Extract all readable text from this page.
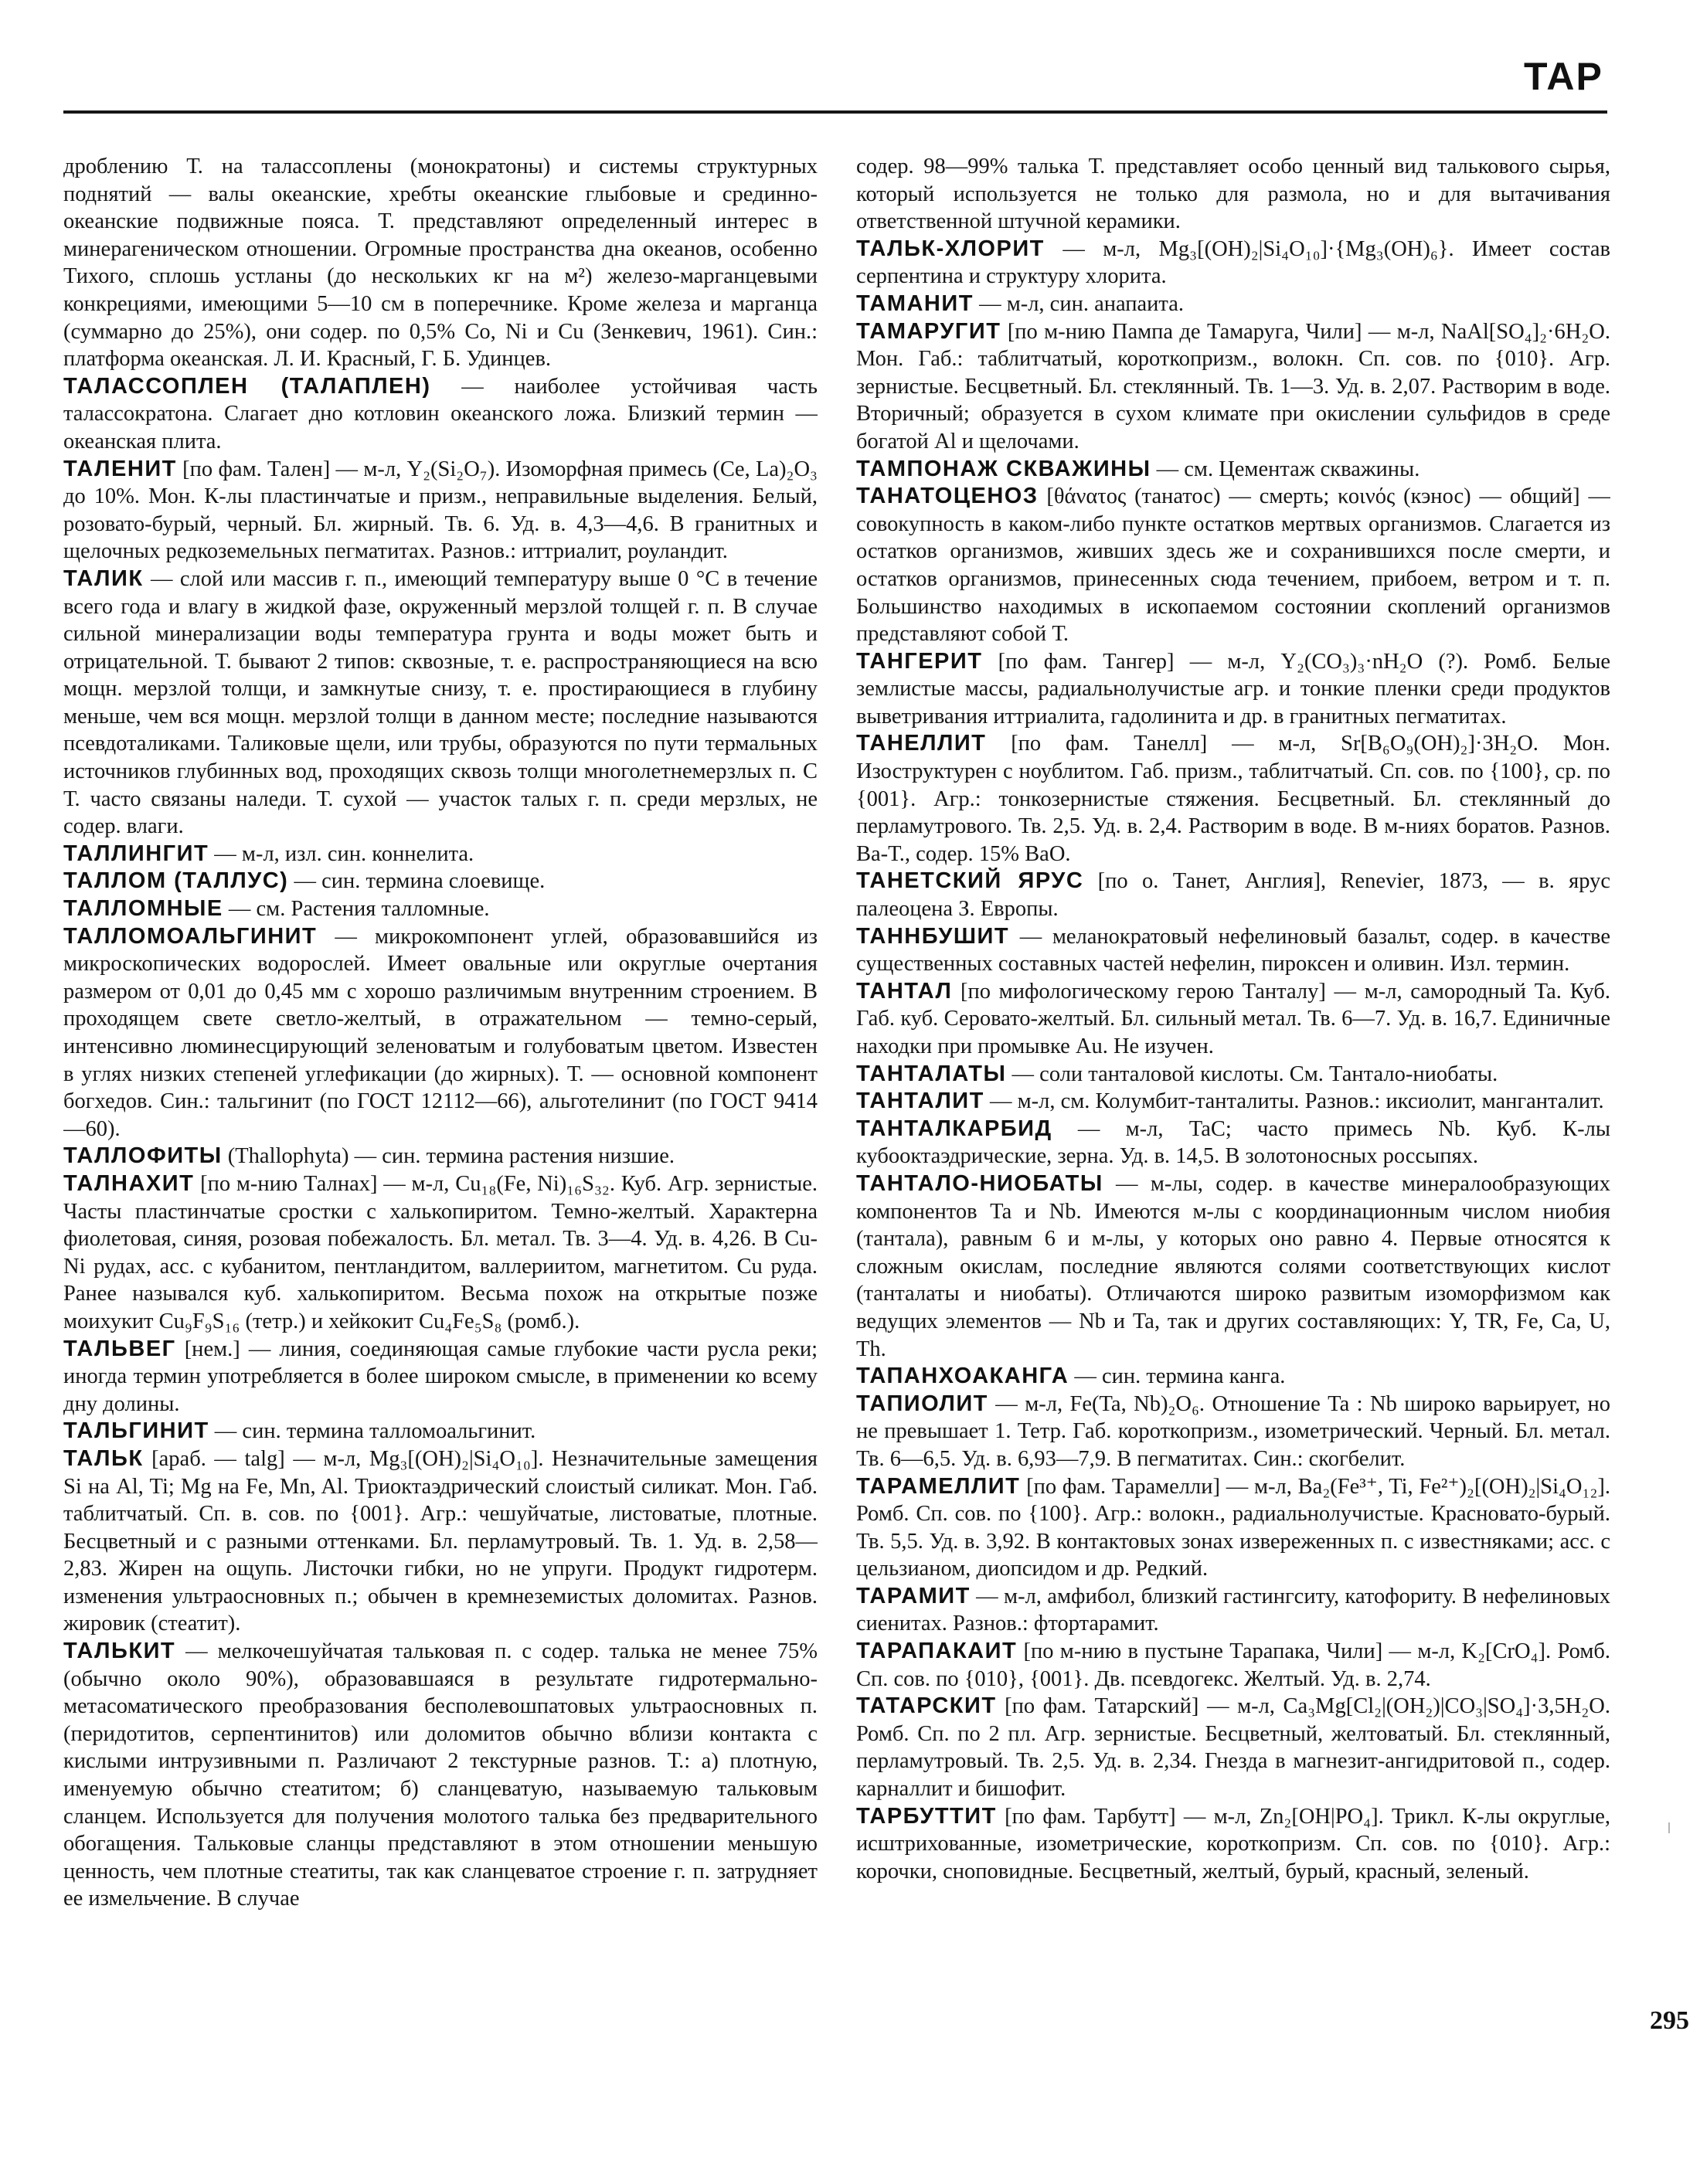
ТАР

дроблению Т. на талассоплены (монократоны) и системы структурных поднятий — валы океанские, хребты океанские глыбовые и срединно-океанские подвижные пояса. Т. представляют определенный интерес в минерагеническом отношении. Огромные пространства дна океанов, особенно Тихого, сплошь устланы (до нескольких кг на м²) железо-марганцевыми конкрециями, имеющими 5—10 см в поперечнике. Кроме железа и марганца (суммарно до 25%), они содер. по 0,5% Co, Ni и Cu (Зенкевич, 1961). Син.: платформа океанская. Л. И. Красный, Г. Б. Удинцев.

ТАЛАССОПЛЕН (ТАЛАПЛЕН) — наиболее устойчивая часть талассократона. Слагает дно котловин океанского ложа. Близкий термин — океанская плита.

ТАЛЕНИТ [по фам. Тален] — м-л, Y₂(Si₂O₇). Изоморфная примесь (Ce, La)₂O₃ до 10%. Мон. К-лы пластинчатые и призм., неправильные выделения. Белый, розовато-бурый, черный. Бл. жирный. Тв. 6. Уд. в. 4,3—4,6. В гранитных и щелочных редкоземельных пегматитах. Разнов.: иттриалит, роуландит.

ТАЛИК — слой или массив г. п., имеющий температуру выше 0 °С в течение всего года и влагу в жидкой фазе, окруженный мерзлой толщей г. п. В случае сильной минерализации воды температура грунта и воды может быть и отрицательной. Т. бывают 2 типов: сквозные, т. е. распространяющиеся на всю мощн. мерзлой толщи, и замкнутые снизу, т. е. простирающиеся в глубину меньше, чем вся мощн. мерзлой толщи в данном месте; последние называются псевдоталиками. Таликовые щели, или трубы, образуются по пути термальных источников глубинных вод, проходящих сквозь толщи многолетнемерзлых п. С Т. часто связаны наледи. Т. сухой — участок талых г. п. среди мерзлых, не содер. влаги.

ТАЛЛИНГИТ — м-л, изл. син. коннелита.

ТАЛЛОМ (ТАЛЛУС) — син. термина слоевище.

ТАЛЛОМНЫЕ — см. Растения талломные.

ТАЛЛОМОАЛЬГИНИТ — микрокомпонент углей, образовавшийся из микроскопических водорослей. Имеет овальные или округлые очертания размером от 0,01 до 0,45 мм с хорошо различимым внутренним строением. В проходящем свете светло-желтый, в отражательном — темно-серый, интенсивно люминесцирующий зеленоватым и голубоватым цветом. Известен в углях низких степеней углефикации (до жирных). Т. — основной компонент богхедов. Син.: тальгинит (по ГОСТ 12112—66), альготелинит (по ГОСТ 9414—60).

ТАЛЛОФИТЫ (Thallophyta) — син. термина растения низшие.

ТАЛНАХИТ [по м-нию Талнах] — м-л, Cu₁₈(Fe, Ni)₁₆S₃₂. Куб. Агр. зернистые. Часты пластинчатые сростки с халькопиритом. Темно-желтый. Характерна фиолетовая, синяя, розовая побежалость. Бл. метал. Тв. 3—4. Уд. в. 4,26. В Cu-Ni рудах, асс. с кубанитом, пентландитом, валлериитом, магнетитом. Cu руда. Ранее назывался куб. халькопиритом. Весьма похож на открытые позже моихукит Cu₉F₉S₁₆ (тетр.) и хейкокит Cu₄Fe₅S₈ (ромб.).

ТАЛЬВЕГ [нем.] — линия, соединяющая самые глубокие части русла реки; иногда термин употребляется в более широком смысле, в применении ко всему дну долины.

ТАЛЬГИНИТ — син. термина талломоальгинит.

ТАЛЬК [араб. — talg] — м-л, Mg₃[(OH)₂|Si₄O₁₀]. Незначительные замещения Si на Al, Ti; Mg на Fe, Mn, Al. Триоктаэдрический слоистый силикат. Мон. Габ. таблитчатый. Сп. в. сов. по {001}. Агр.: чешуйчатые, листоватые, плотные. Бесцветный и с разными оттенками. Бл. перламутровый. Тв. 1. Уд. в. 2,58—2,83. Жирен на ощупь. Листочки гибки, но не упруги. Продукт гидротерм. изменения ультраосновных п.; обычен в кремнеземистых доломитах. Разнов. жировик (стеатит).

ТАЛЬКИТ — мелкочешуйчатая тальковая п. с содер. талька не менее 75% (обычно около 90%), образовавшаяся в результате гидротермально-метасоматического преобразования бесполевошпатовых ультраосновных п. (перидотитов, серпентинитов) или доломитов обычно вблизи контакта с кислыми интрузивными п. Различают 2 текстурные разнов. Т.: а) плотную, именуемую обычно стеатитом; б) сланцеватую, называемую тальковым сланцем. Используется для получения молотого талька без предварительного обогащения. Тальковые сланцы представляют в этом отношении меньшую ценность, чем плотные стеатиты, так как сланцеватое строение г. п. затрудняет ее измельчение. В случае

содер. 98—99% талька Т. представляет особо ценный вид талькового сырья, который используется не только для размола, но и для вытачивания ответственной штучной керамики.

ТАЛЬК-ХЛОРИТ — м-л, Mg₃[(OH)₂|Si₄O₁₀]·{Mg₃(OH)₆}. Имеет состав серпентина и структуру хлорита.

ТАМАНИТ — м-л, син. анапаита.

ТАМАРУГИТ [по м-нию Пампа де Тамаруга, Чили] — м-л, NaAl[SO₄]₂·6H₂O. Мон. Габ.: таблитчатый, короткопризм., волокн. Сп. сов. по {010}. Агр. зернистые. Бесцветный. Бл. стеклянный. Тв. 1—3. Уд. в. 2,07. Растворим в воде. Вторичный; образуется в сухом климате при окислении сульфидов в среде богатой Al и щелочами.

ТАМПОНАЖ СКВАЖИНЫ — см. Цементаж скважины.

ТАНАТОЦЕНОЗ [θάνατος (танатос) — смерть; κοινός (кэнос) — общий] — совокупность в каком-либо пункте остатков мертвых организмов. Слагается из остатков организмов, живших здесь же и сохранившихся после смерти, и остатков организмов, принесенных сюда течением, прибоем, ветром и т. п. Большинство находимых в ископаемом состоянии скоплений организмов представляют собой Т.

ТАНГЕРИТ [по фам. Тангер] — м-л, Y₂(CO₃)₃·nH₂O (?). Ромб. Белые землистые массы, радиальнолучистые агр. и тонкие пленки среди продуктов выветривания иттриалита, гадолинита и др. в гранитных пегматитах.

ТАНЕЛЛИТ [по фам. Танелл] — м-л, Sr[B₆O₉(OH)₂]·3H₂O. Мон. Изоструктурен с ноублитом. Габ. призм., таблитчатый. Сп. сов. по {100}, ср. по {001}. Агр.: тонкозернистые стяжения. Бесцветный. Бл. стеклянный до перламутрового. Тв. 2,5. Уд. в. 2,4. Растворим в воде. В м-ниях боратов. Разнов. Ba-Т., содер. 15% BaO.

ТАНЕТСКИЙ ЯРУС [по о. Танет, Англия], Renevier, 1873, — в. ярус палеоцена З. Европы.

ТАННБУШИТ — меланократовый нефелиновый базальт, содер. в качестве существенных составных частей нефелин, пироксен и оливин. Изл. термин.

ТАНТАЛ [по мифологическому герою Танталу] — м-л, самородный Ta. Куб. Габ. куб. Серовато-желтый. Бл. сильный метал. Тв. 6—7. Уд. в. 16,7. Единичные находки при промывке Au. Не изучен.

ТАНТАЛАТЫ — соли танталовой кислоты. См. Тантало-ниобаты.

ТАНТАЛИТ — м-л, см. Колумбит-танталиты. Разнов.: иксиолит, манганталит.

ТАНТАЛКАРБИД — м-л, TaC; часто примесь Nb. Куб. К-лы кубооктаэдрические, зерна. Уд. в. 14,5. В золотоносных россыпях.

ТАНТАЛО-НИОБАТЫ — м-лы, содер. в качестве минералообразующих компонентов Ta и Nb. Имеются м-лы с координационным числом ниобия (тантала), равным 6 и м-лы, у которых оно равно 4. Первые относятся к сложным окислам, последние являются солями соответствующих кислот (танталаты и ниобаты). Отличаются широко развитым изоморфизмом как ведущих элементов — Nb и Ta, так и других составляющих: Y, TR, Fe, Ca, U, Th.

ТАПАНХОАКАНГА — син. термина канга.

ТАПИОЛИТ — м-л, Fe(Ta, Nb)₂O₆. Отношение Ta : Nb широко варьирует, но не превышает 1. Тетр. Габ. короткопризм., изометрический. Черный. Бл. метал. Тв. 6—6,5. Уд. в. 6,93—7,9. В пегматитах. Син.: скогбелит.

ТАРАМЕЛЛИТ [по фам. Тарамелли] — м-л, Ba₂(Fe³⁺, Ti, Fe²⁺)₂[(OH)₂|Si₄O₁₂]. Ромб. Сп. сов. по {100}. Агр.: волокн., радиальнолучистые. Красновато-бурый. Тв. 5,5. Уд. в. 3,92. В контактовых зонах извереженных п. с известняками; асс. с цельзианом, диопсидом и др. Редкий.

ТАРАМИТ — м-л, амфибол, близкий гастингситу, катофориту. В нефелиновых сиенитах. Разнов.: фтортарамит.

ТАРАПАКАИТ [по м-нию в пустыне Тарапака, Чили] — м-л, K₂[CrO₄]. Ромб. Сп. сов. по {010}, {001}. Дв. псевдогекс. Желтый. Уд. в. 2,74.

ТАТАРСКИТ [по фам. Татарский] — м-л, Ca₃Mg[Cl₂|(OH₂)|CO₃|SO₄]·3,5H₂O. Ромб. Сп. по 2 пл. Агр. зернистые. Бесцветный, желтоватый. Бл. стеклянный, перламутровый. Тв. 2,5. Уд. в. 2,34. Гнезда в магнезит-ангидритовой п., содер. карналлит и бишофит.

ТАРБУТТИТ [по фам. Тарбутт] — м-л, Zn₂[OH|PO₄]. Трикл. К-лы округлые, иcштрихованные, изометрические, короткопризм. Сп. сов. по {010}. Агр.: корочки, сноповидные. Бесцветный, желтый, бурый, красный, зеленый.

ǀ
295
